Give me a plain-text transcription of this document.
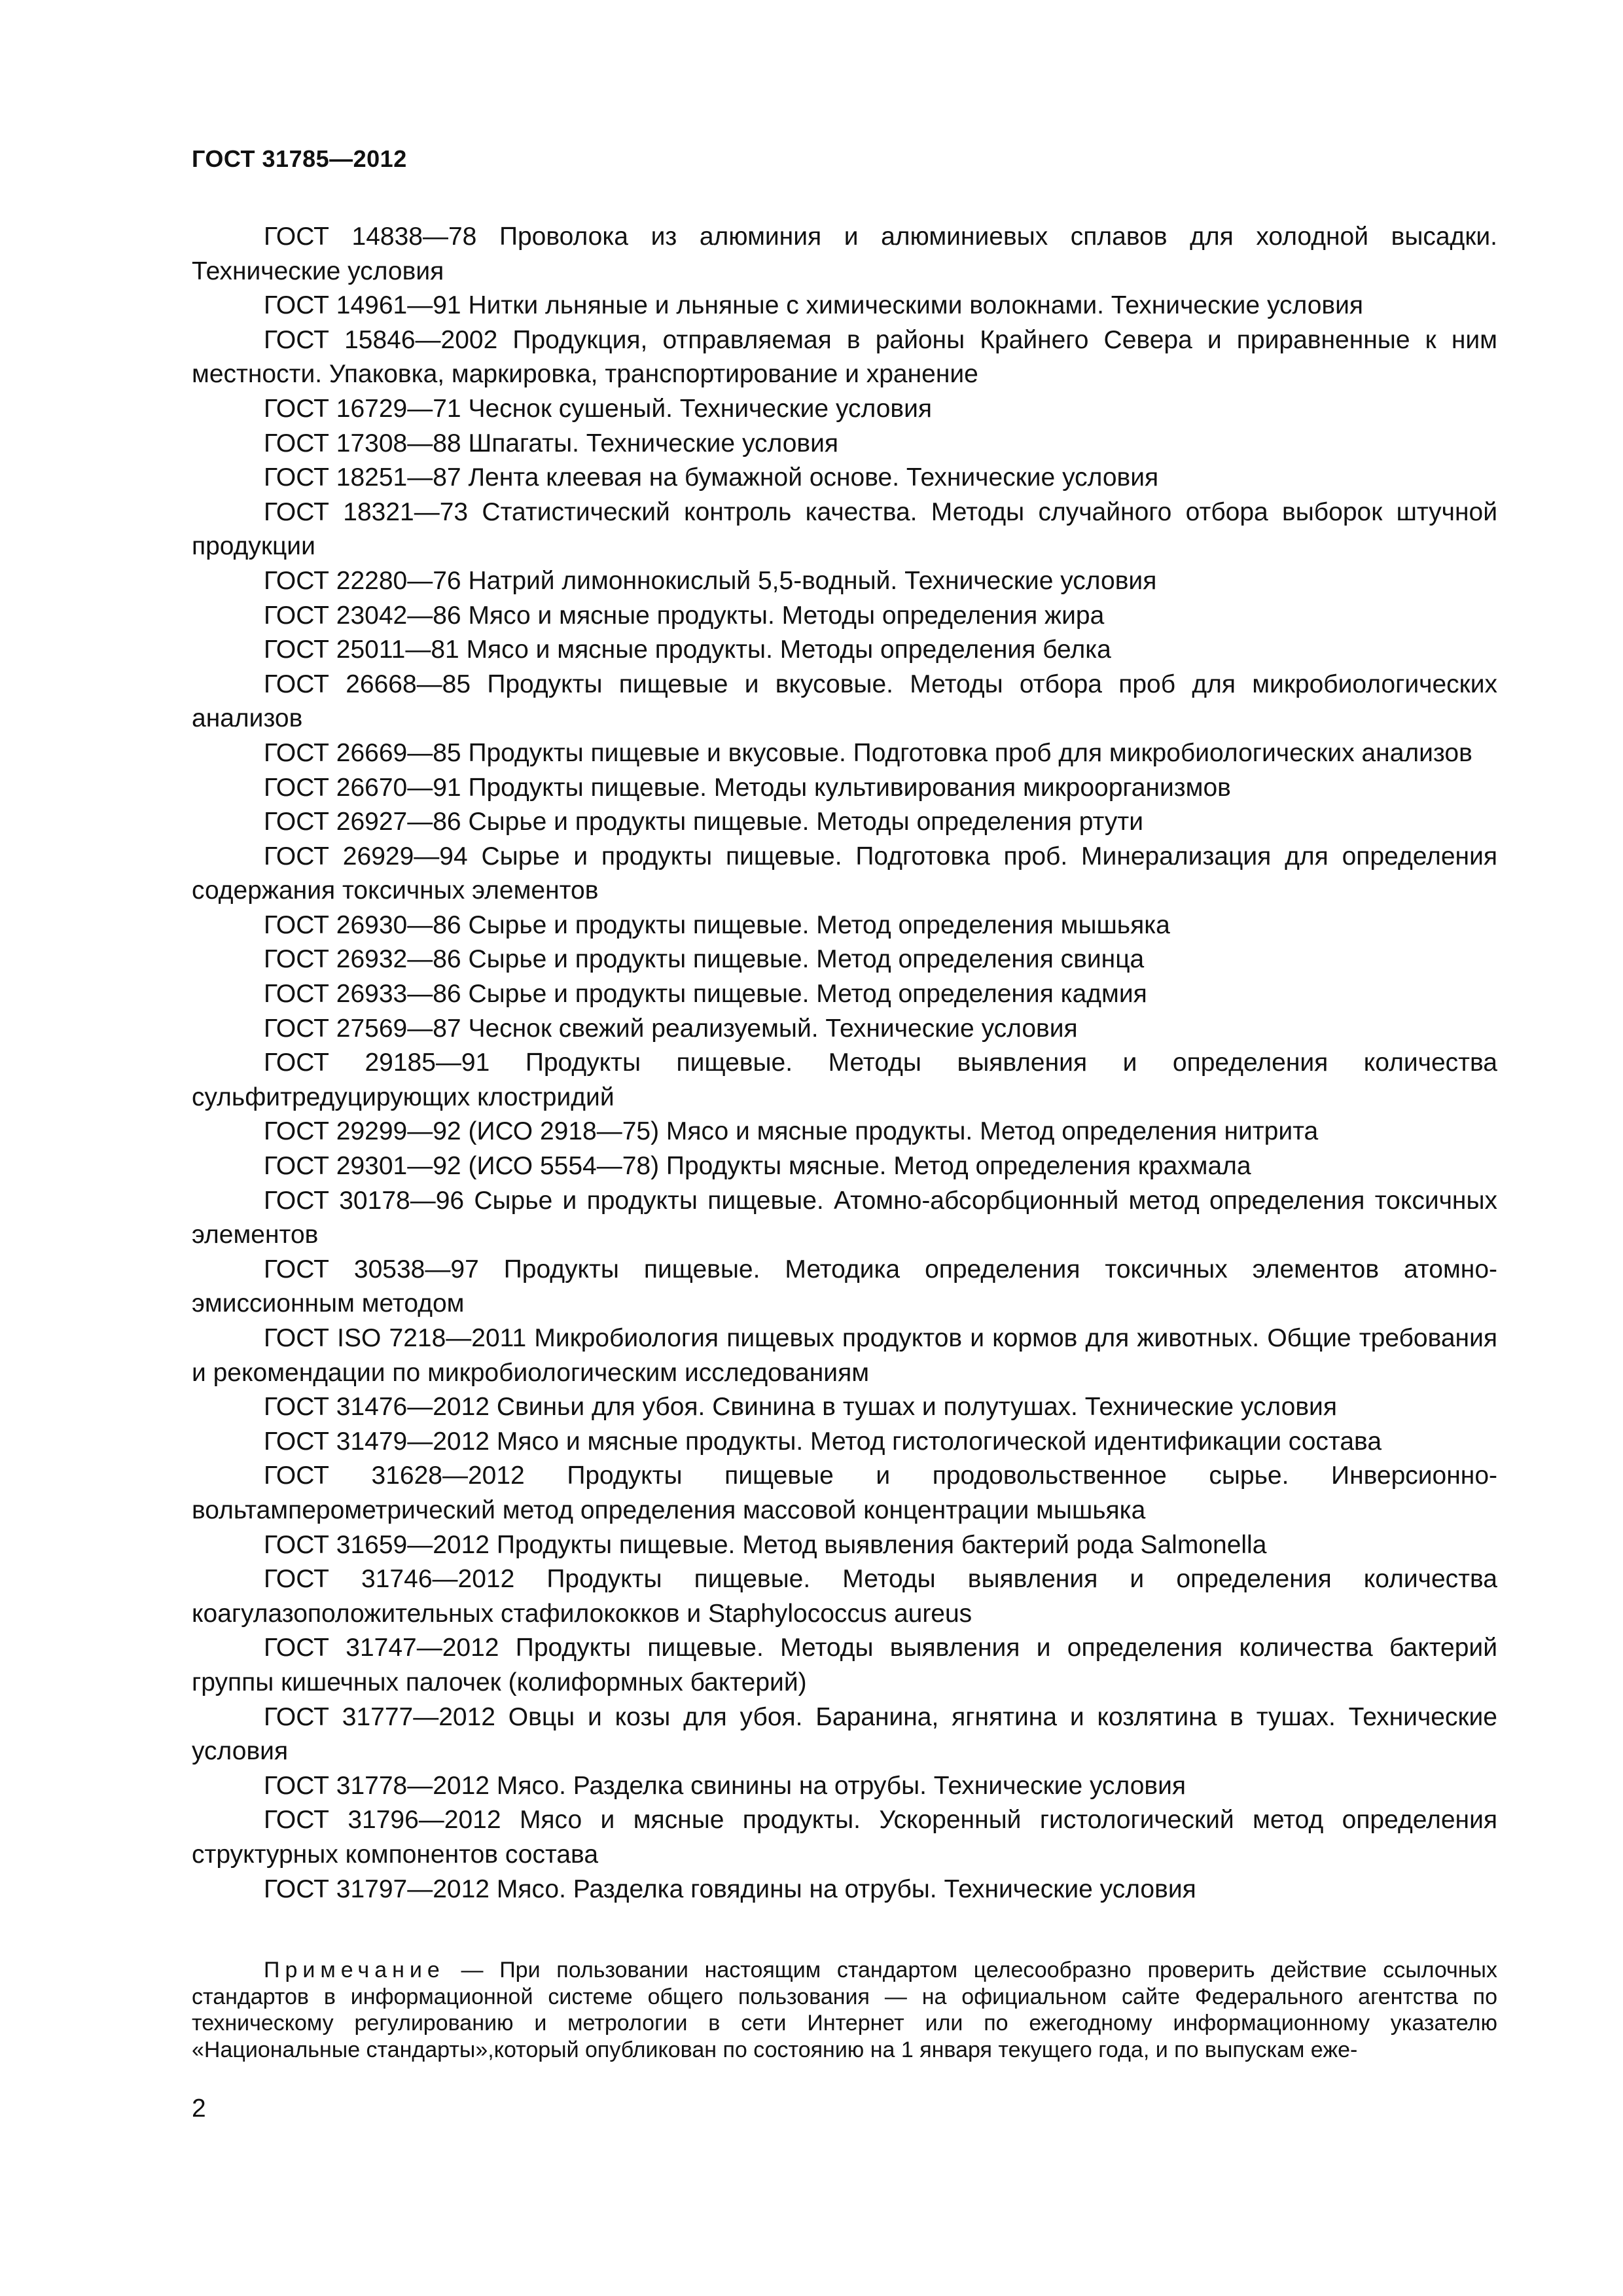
ГОСТ 31785—2012

ГОСТ 14838—78 Проволока из алюминия и алюминиевых сплавов для холодной высадки. Технические условия

ГОСТ 14961—91 Нитки льняные и льняные с химическими волокнами. Технические условия

ГОСТ 15846—2002 Продукция, отправляемая в районы Крайнего Севера и приравненные к ним местности. Упаковка, маркировка, транспортирование и хранение

ГОСТ 16729—71 Чеснок сушеный. Технические условия

ГОСТ 17308—88 Шпагаты. Технические условия

ГОСТ 18251—87 Лента клеевая на бумажной основе. Технические условия

ГОСТ 18321—73 Статистический контроль качества. Методы случайного отбора выборок штучной продукции

ГОСТ 22280—76 Натрий лимоннокислый 5,5-водный. Технические условия

ГОСТ 23042—86 Мясо и мясные продукты. Методы определения жира

ГОСТ 25011—81 Мясо и мясные продукты. Методы определения белка

ГОСТ 26668—85 Продукты пищевые и вкусовые. Методы отбора проб для микробиологических анализов

ГОСТ 26669—85 Продукты пищевые и вкусовые. Подготовка проб для микробиологических анализов

ГОСТ 26670—91 Продукты пищевые. Методы культивирования микроорганизмов

ГОСТ 26927—86 Сырье и продукты пищевые. Методы определения ртути

ГОСТ 26929—94 Сырье и продукты пищевые. Подготовка проб. Минерализация для определения содержания токсичных элементов

ГОСТ 26930—86 Сырье и продукты пищевые. Метод определения мышьяка

ГОСТ 26932—86 Сырье и продукты пищевые. Метод определения свинца

ГОСТ 26933—86 Сырье и продукты пищевые. Метод определения кадмия

ГОСТ 27569—87 Чеснок свежий реализуемый. Технические условия

ГОСТ 29185—91 Продукты пищевые. Методы выявления и определения количества сульфитредуцирующих клостридий

ГОСТ 29299—92 (ИСО 2918—75) Мясо и мясные продукты. Метод определения нитрита

ГОСТ 29301—92 (ИСО 5554—78) Продукты мясные. Метод определения крахмала

ГОСТ 30178—96 Сырье и продукты пищевые. Атомно-абсорбционный метод определения токсичных элементов

ГОСТ 30538—97 Продукты пищевые. Методика определения токсичных элементов атомно-эмиссионным методом

ГОСТ ISO 7218—2011 Микробиология пищевых продуктов и кормов для животных. Общие требования и рекомендации по микробиологическим исследованиям

ГОСТ 31476—2012 Свиньи для убоя. Свинина в тушах и полутушах. Технические условия

ГОСТ 31479—2012 Мясо и мясные продукты. Метод гистологической идентификации состава

ГОСТ 31628—2012 Продукты пищевые и продовольственное сырье. Инверсионно-вольтамперометрический метод определения массовой концентрации мышьяка

ГОСТ 31659—2012 Продукты пищевые. Метод выявления бактерий рода Salmonella

ГОСТ 31746—2012 Продукты пищевые. Методы выявления и определения количества коагулазоположительных стафилококков и Staphylococcus aureus

ГОСТ 31747—2012 Продукты пищевые. Методы выявления и определения количества бактерий группы кишечных палочек (колиформных бактерий)

ГОСТ 31777—2012 Овцы и козы для убоя. Баранина, ягнятина и козлятина в тушах. Технические условия

ГОСТ 31778—2012 Мясо. Разделка свинины на отрубы. Технические условия

ГОСТ 31796—2012 Мясо и мясные продукты. Ускоренный гистологический метод определения структурных компонентов состава

ГОСТ 31797—2012 Мясо. Разделка говядины на отрубы. Технические условия

Примечание — При пользовании настоящим стандартом целесообразно проверить действие ссылочных стандартов в информационной системе общего пользования — на официальном сайте Федерального агентства по техническому регулированию и метрологии в сети Интернет или по ежегодному информационному указателю «Национальные стандарты»,который опубликован по состоянию на 1 января текущего года, и по выпускам еже-
2
